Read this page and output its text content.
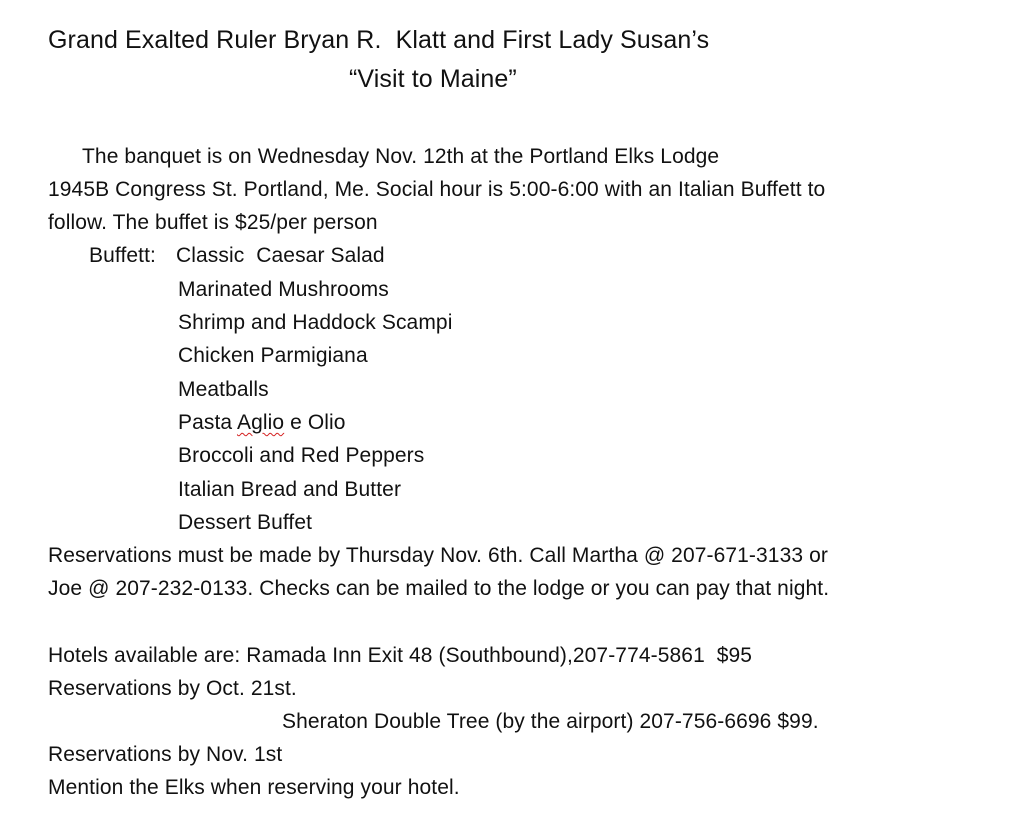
Grand Exalted Ruler Bryan R.  Klatt and First Lady Susan’s
“Visit to Maine”
The banquet is on Wednesday Nov. 12th at the Portland Elks Lodge
1945B Congress St. Portland, Me. Social hour is 5:00-6:00 with an Italian Buffett to
follow. The buffet is $25/per person
Buffett: Classic  Caesar Salad
Marinated Mushrooms
Shrimp and Haddock Scampi
Chicken Parmigiana
Meatballs
Pasta Aglio e Olio
Broccoli and Red Peppers
Italian Bread and Butter
Dessert Buffet
Reservations must be made by Thursday Nov. 6th. Call Martha @ 207-671-3133 or
Joe @ 207-232-0133. Checks can be mailed to the lodge or you can pay that night.
Hotels available are: Ramada Inn Exit 48 (Southbound),207-774-5861  $95
Reservations by Oct. 21st.
Sheraton Double Tree (by the airport) 207-756-6696 $99.
Reservations by Nov. 1st
Mention the Elks when reserving your hotel.
